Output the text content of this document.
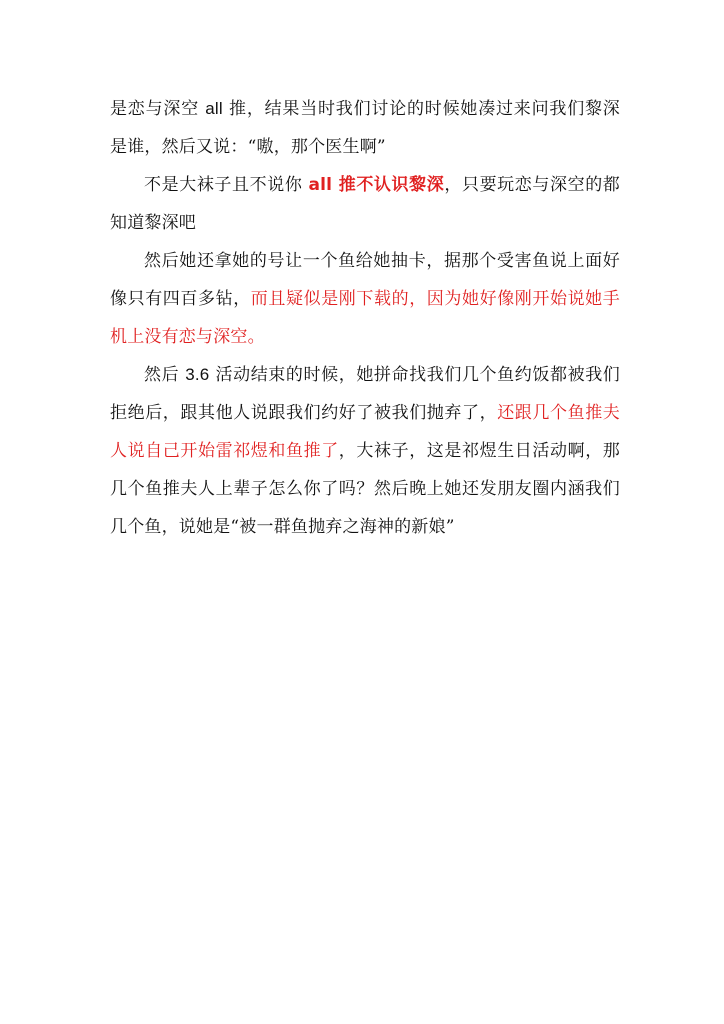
是恋与深空 all 推，结果当时我们讨论的时候她凑过来问我们黎深是谁，然后又说：“嗷，那个医生啊”

不是大袜子且不说你 all 推不认识黎深，只要玩恋与深空的都知道黎深吧

然后她还拿她的号让一个鱼给她抽卡，据那个受害鱼说上面好像只有四百多钻，而且疑似是刚下载的，因为她好像刚开始说她手机上没有恋与深空。

然后 3.6 活动结束的时候，她拼命找我们几个鱼约饭都被我们拒绝后，跟其他人说跟我们约好了被我们抛弃了，还跟几个鱼推夫人说自己开始雷祁煜和鱼推了，大袜子，这是祁煜生日活动啊，那几个鱼推夫人上辈子怎么你了吗？然后晚上她还发朋友圈内涵我们几个鱼，说她是“被一群鱼抛弃之海神的新娘”
